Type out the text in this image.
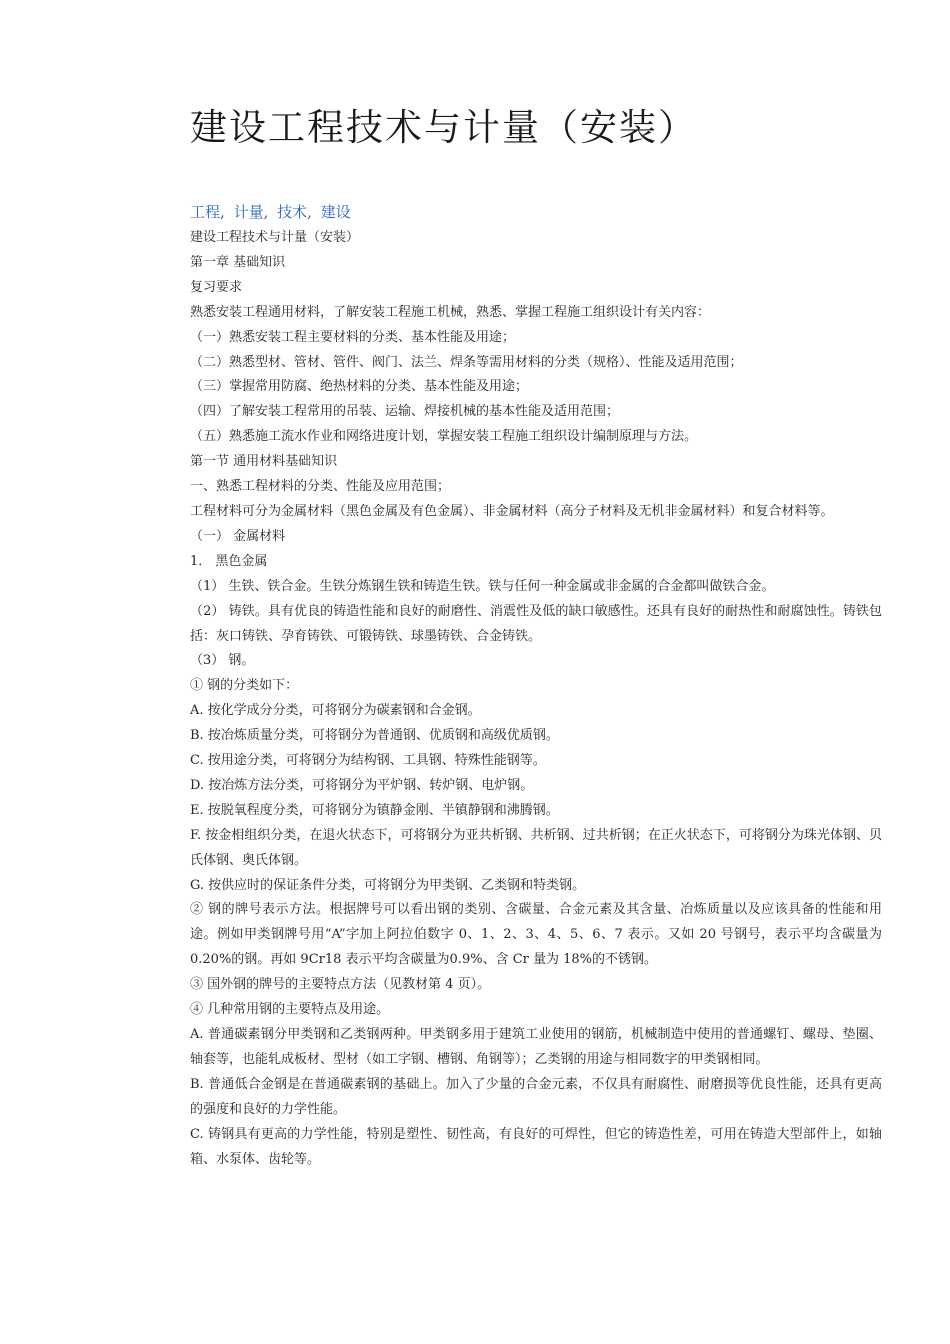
建设工程技术与计量（安装）
工程, 计量, 技术, 建设

建设工程技术与计量（安装）

第一章 基础知识

复习要求

熟悉安装工程通用材料，了解安装工程施工机械，熟悉、掌握工程施工组织设计有关内容：

（一）熟悉安装工程主要材料的分类、基本性能及用途；

（二）熟悉型材、管材、管件、阀门、法兰、焊条等需用材料的分类（规格）、性能及适用范围；

（三）掌握常用防腐、绝热材料的分类、基本性能及用途；

（四）了解安装工程常用的吊装、运输、焊接机械的基本性能及适用范围；

（五）熟悉施工流水作业和网络进度计划，掌握安装工程施工组织设计编制原理与方法。

第一节 通用材料基础知识

一、熟悉工程材料的分类、性能及应用范围；

工程材料可分为金属材料（黑色金属及有色金属）、非金属材料（高分子材料及无机非金属材料）和复合材料等。

（一） 金属材料

1． 黑色金属

（1） 生铁、铁合金。生铁分炼钢生铁和铸造生铁。铁与任何一种金属或非金属的合金都叫做铁合金。

（2） 铸铁。具有优良的铸造性能和良好的耐磨性、消震性及低的缺口敏感性。还具有良好的耐热性和耐腐蚀性。铸铁包括：灰口铸铁、孕育铸铁、可锻铸铁、球墨铸铁、合金铸铁。

（3） 钢。

① 钢的分类如下：

A. 按化学成分分类，可将钢分为碳素钢和合金钢。

B. 按冶炼质量分类，可将钢分为普通钢、优质钢和高级优质钢。

C. 按用途分类，可将钢分为结构钢、工具钢、特殊性能钢等。

D. 按冶炼方法分类，可将钢分为平炉钢、转炉钢、电炉钢。

E. 按脱氧程度分类，可将钢分为镇静金刚、半镇静钢和沸腾钢。

F. 按金相组织分类，在退火状态下，可将钢分为亚共析钢、共析钢、过共析钢；在正火状态下，可将钢分为珠光体钢、贝氏体钢、奥氏体钢。

G. 按供应时的保证条件分类，可将钢分为甲类钢、乙类钢和特类钢。

② 钢的牌号表示方法。根据牌号可以看出钢的类别、含碳量、合金元素及其含量、冶炼质量以及应该具备的性能和用途。例如甲类钢牌号用“A”字加上阿拉伯数字 0、1、2、3、4、5、6、7 表示。又如 20 号钢号，表示平均含碳量为0.20%的钢。再如 9Cr18 表示平均含碳量为0.9%、含 Cr 量为 18%的不锈钢。

③ 国外钢的牌号的主要特点方法（见教材第 4 页）。

④ 几种常用钢的主要特点及用途。

A. 普通碳素钢分甲类钢和乙类钢两种。甲类钢多用于建筑工业使用的钢筋，机械制造中使用的普通螺钉、螺母、垫圈、轴套等，也能轧成板材、型材（如工字钢、槽钢、角钢等）；乙类钢的用途与相同数字的甲类钢相同。

B. 普通低合金钢是在普通碳素钢的基础上。加入了少量的合金元素，不仅具有耐腐性、耐磨损等优良性能，还具有更高的强度和良好的力学性能。

C. 铸钢具有更高的力学性能，特别是塑性、韧性高，有良好的可焊性，但它的铸造性差，可用在铸造大型部件上，如轴箱、水泵体、齿轮等。
